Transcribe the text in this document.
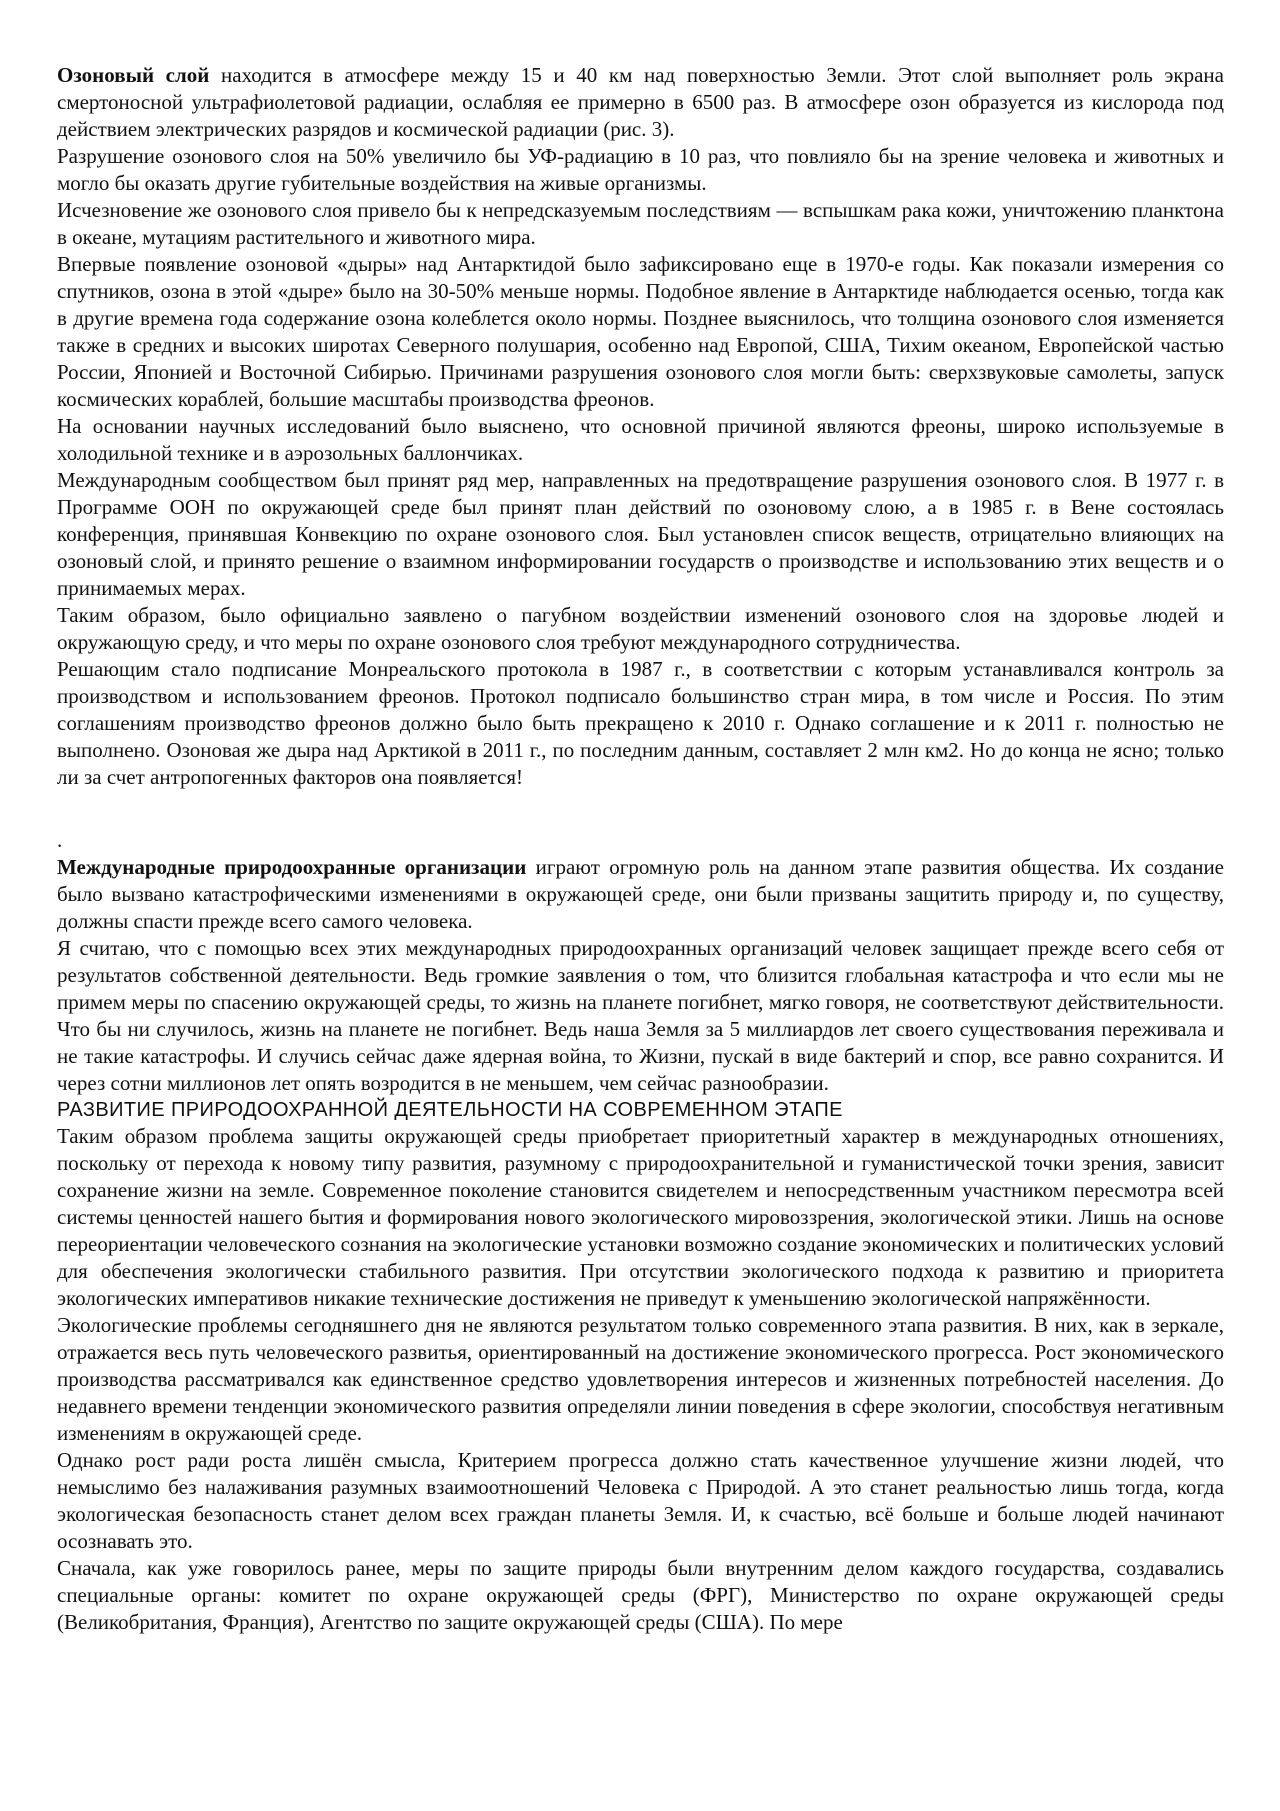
Озоновый слой находится в атмосфере между 15 и 40 км над поверхностью Земли. Этот слой выполняет роль экрана смертоносной ультрафиолетовой радиации, ослабляя ее примерно в 6500 раз. В атмосфере озон образуется из кислорода под действием электрических разрядов и космической радиации (рис. 3).

Разрушение озонового слоя на 50% увеличило бы УФ-радиацию в 10 раз, что повлияло бы на зрение человека и животных и могло бы оказать другие губительные воздействия на живые организмы.

Исчезновение же озонового слоя привело бы к непредсказуемым последствиям — вспышкам рака кожи, уничтожению планктона в океане, мутациям растительного и животного мира.

Впервые появление озоновой «дыры» над Антарктидой было зафиксировано еще в 1970-е годы. Как показали измерения со спутников, озона в этой «дыре» было на 30-50% меньше нормы. Подобное явление в Антарктиде наблюдается осенью, тогда как в другие времена года содержание озона колеблется около нормы. Позднее выяснилось, что толщина озонового слоя изменяется также в средних и высоких широтах Северного полушария, особенно над Европой, США, Тихим океаном, Европейской частью России, Японией и Восточной Сибирью. Причинами разрушения озонового слоя могли быть: сверхзвуковые самолеты, запуск космических кораблей, большие масштабы производства фреонов.

На основании научных исследований было выяснено, что основной причиной являются фреоны, широко используемые в холодильной технике и в аэрозольных баллончиках.

Международным сообществом был принят ряд мер, направленных на предотвращение разрушения озонового слоя. В 1977 г. в Программе ООН по окружающей среде был принят план действий по озоновому слою, а в 1985 г. в Вене состоялась конференция, принявшая Конвекцию по охране озонового слоя. Был установлен список веществ, отрицательно влияющих на озоновый слой, и принято решение о взаимном информировании государств о производстве и использованию этих веществ и о принимаемых мерах.

Таким образом, было официально заявлено о пагубном воздействии изменений озонового слоя на здоровье людей и окружающую среду, и что меры по охране озонового слоя требуют международного сотрудничества.

Решающим стало подписание Монреальского протокола в 1987 г., в соответствии с которым устанавливался контроль за производством и использованием фреонов. Протокол подписало большинство стран мира, в том числе и Россия. По этим соглашениям производство фреонов должно было быть прекращено к 2010 г. Однако соглашение и к 2011 г. полностью не выполнено. Озоновая же дыра над Арктикой в 2011 г., по последним данным, составляет 2 млн км2. Но до конца не ясно; только ли за счет антропогенных факторов она появляется!

.

Международные природоохранные организации играют огромную роль на данном этапе развития общества. Их создание было вызвано катастрофическими изменениями в окружающей среде, они были призваны защитить природу и, по существу, должны спасти прежде всего самого человека.

Я считаю, что с помощью всех этих международных природоохранных организаций человек защищает прежде всего себя от результатов собственной деятельности. Ведь громкие заявления о том, что близится глобальная катастрофа и что если мы не примем меры по спасению окружающей среды, то жизнь на планете погибнет, мягко говоря, не соответствуют действительности. Что бы ни случилось, жизнь на планете не погибнет. Ведь наша Земля за 5 миллиардов лет своего существования переживала и не такие катастрофы. И случись сейчас даже ядерная война, то Жизни, пускай в виде бактерий и спор, все равно сохранится. И через сотни миллионов лет опять возродится в не меньшем, чем сейчас разнообразии.

РАЗВИТИЕ ПРИРОДООХРАННОЙ ДЕЯТЕЛЬНОСТИ НА СОВРЕМЕННОМ ЭТАПЕ

Таким образом проблема защиты окружающей среды приобретает приоритетный характер в международных отношениях, поскольку от перехода к новому типу развития, разумному с природоохранительной и гуманистической точки зрения, зависит сохранение жизни на земле. Современное поколение становится свидетелем и непосредственным участником пересмотра всей системы ценностей нашего бытия и формирования нового экологического мировоззрения, экологической этики. Лишь на основе переориентации человеческого сознания на экологические установки возможно создание экономических и политических условий для обеспечения экологически стабильного развития. При отсутствии экологического подхода к развитию и приоритета экологических императивов никакие технические достижения не приведут к уменьшению экологической напряжённости.

Экологические проблемы сегодняшнего дня не являются результатом только современного этапа развития. В них, как в зеркале, отражается весь путь человеческого развитья, ориентированный на достижение экономического прогресса. Рост экономического производства рассматривался как единственное средство удовлетворения интересов и жизненных потребностей населения. До недавнего времени тенденции экономического развития определяли линии поведения в сфере экологии, способствуя негативным изменениям в окружающей среде.

Однако рост ради роста лишён смысла, Критерием прогресса должно стать качественное улучшение жизни людей, что немыслимо без налаживания разумных взаимоотношений Человека с Природой. А это станет реальностью лишь тогда, когда экологическая безопасность станет делом всех граждан планеты Земля. И, к счастью, всё больше и больше людей начинают осознавать это.

Сначала, как уже говорилось ранее, меры по защите природы были внутренним делом каждого государства, создавались специальные органы: комитет по охране окружающей среды (ФРГ), Министерство по охране окружающей среды (Великобритания, Франция), Агентство по защите окружающей среды (США). По мере
